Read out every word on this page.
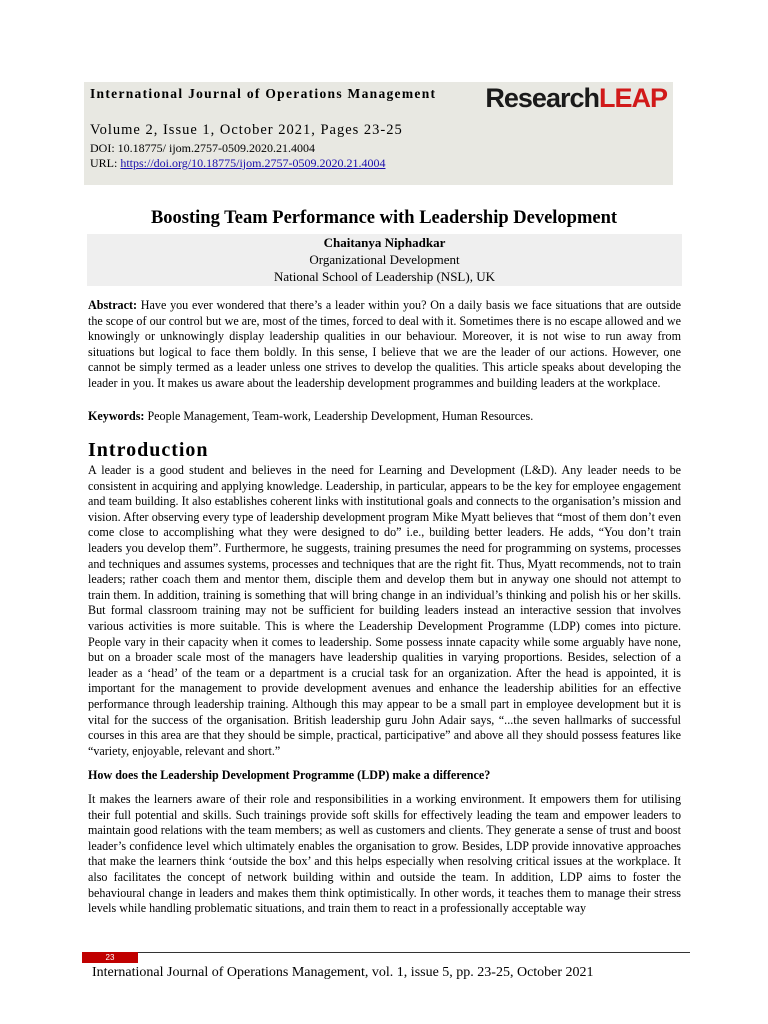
International Journal of Operations Management ResearchLEAP
Volume 2, Issue 1, October 2021, Pages 23-25
DOI: 10.18775/ ijom.2757-0509.2020.21.4004
URL: https://doi.org/10.18775/ijom.2757-0509.2020.21.4004
Boosting Team Performance with Leadership Development
Chaitanya Niphadkar
Organizational Development
National School of Leadership (NSL), UK
Abstract: Have you ever wondered that there’s a leader within you? On a daily basis we face situations that are outside the scope of our control but we are, most of the times, forced to deal with it. Sometimes there is no escape allowed and we knowingly or unknowingly display leadership qualities in our behaviour. Moreover, it is not wise to run away from situations but logical to face them boldly. In this sense, I believe that we are the leader of our actions. However, one cannot be simply termed as a leader unless one strives to develop the qualities. This article speaks about developing the leader in you. It makes us aware about the leadership development programmes and building leaders at the workplace.
Keywords: People Management, Team-work, Leadership Development, Human Resources.
Introduction
A leader is a good student and believes in the need for Learning and Development (L&D). Any leader needs to be consistent in acquiring and applying knowledge. Leadership, in particular, appears to be the key for employee engagement and team building. It also establishes coherent links with institutional goals and connects to the organisation’s mission and vision. After observing every type of leadership development program Mike Myatt believes that “most of them don’t even come close to accomplishing what they were designed to do” i.e., building better leaders. He adds, “You don’t train leaders you develop them”. Furthermore, he suggests, training presumes the need for programming on systems, processes and techniques and assumes systems, processes and techniques that are the right fit. Thus, Myatt recommends, not to train leaders; rather coach them and mentor them, disciple them and develop them but in anyway one should not attempt to train them. In addition, training is something that will bring change in an individual’s thinking and polish his or her skills. But formal classroom training may not be sufficient for building leaders instead an interactive session that involves various activities is more suitable. This is where the Leadership Development Programme (LDP) comes into picture. People vary in their capacity when it comes to leadership. Some possess innate capacity while some arguably have none, but on a broader scale most of the managers have leadership qualities in varying proportions. Besides, selection of a leader as a ‘head’ of the team or a department is a crucial task for an organization. After the head is appointed, it is important for the management to provide development avenues and enhance the leadership abilities for an effective performance through leadership training. Although this may appear to be a small part in employee development but it is vital for the success of the organisation. British leadership guru John Adair says, “...the seven hallmarks of successful courses in this area are that they should be simple, practical, participative” and above all they should possess features like “variety, enjoyable, relevant and short.”
How does the Leadership Development Programme (LDP) make a difference?
It makes the learners aware of their role and responsibilities in a working environment. It empowers them for utilising their full potential and skills. Such trainings provide soft skills for effectively leading the team and empower leaders to maintain good relations with the team members; as well as customers and clients. They generate a sense of trust and boost leader’s confidence level which ultimately enables the organisation to grow. Besides, LDP provide innovative approaches that make the learners think ‘outside the box’ and this helps especially when resolving critical issues at the workplace. It also facilitates the concept of network building within and outside the team. In addition, LDP aims to foster the behavioural change in leaders and makes them think optimistically. In other words, it teaches them to manage their stress levels while handling problematic situations, and train them to react in a professionally acceptable way
23
International Journal of Operations Management, vol. 1, issue 5, pp. 23-25, October 2021
